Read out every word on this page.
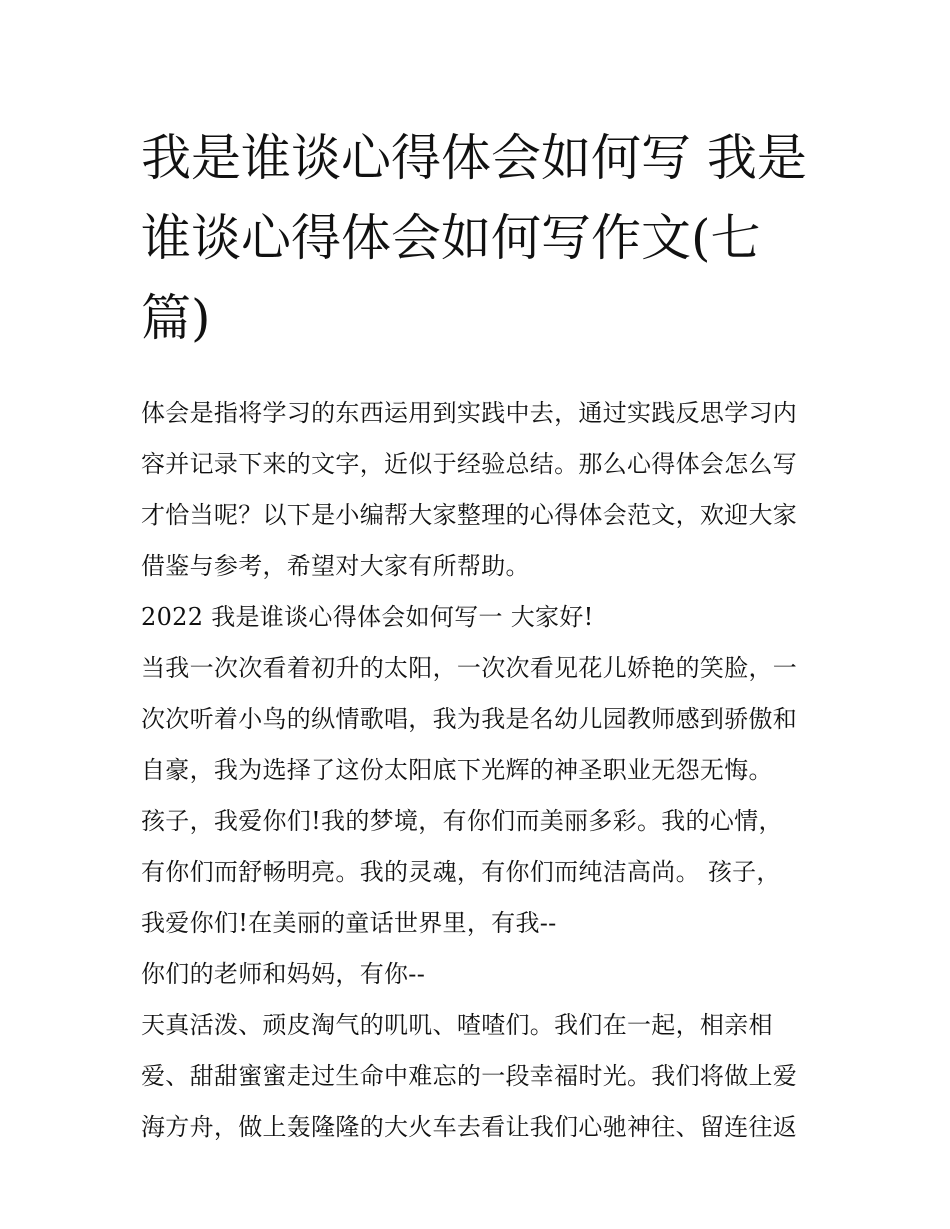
我是谁谈心得体会如何写 我是谁谈心得体会如何写作文(七篇)

体会是指将学习的东西运用到实践中去，通过实践反思学习内容并记录下来的文字，近似于经验总结。那么心得体会怎么写才恰当呢？以下是小编帮大家整理的心得体会范文，欢迎大家借鉴与参考，希望对大家有所帮助。

2022 我是谁谈心得体会如何写一 大家好!

当我一次次看着初升的太阳，一次次看见花儿娇艳的笑脸，一次次听着小鸟的纵情歌唱，我为我是名幼儿园教师感到骄傲和自豪，我为选择了这份太阳底下光辉的神圣职业无怨无悔。

孩子，我爱你们!我的梦境，有你们而美丽多彩。我的心情，

有你们而舒畅明亮。我的灵魂，有你们而纯洁高尚。 孩子，

我爱你们!在美丽的童话世界里，有我--

你们的老师和妈妈，有你--

天真活泼、顽皮淘气的叽叽、喳喳们。我们在一起，相亲相爱、甜甜蜜蜜走过生命中难忘的一段幸福时光。我们将做上爱海方舟，做上轰隆隆的大火车去看让我们心驰神往、留连往返
